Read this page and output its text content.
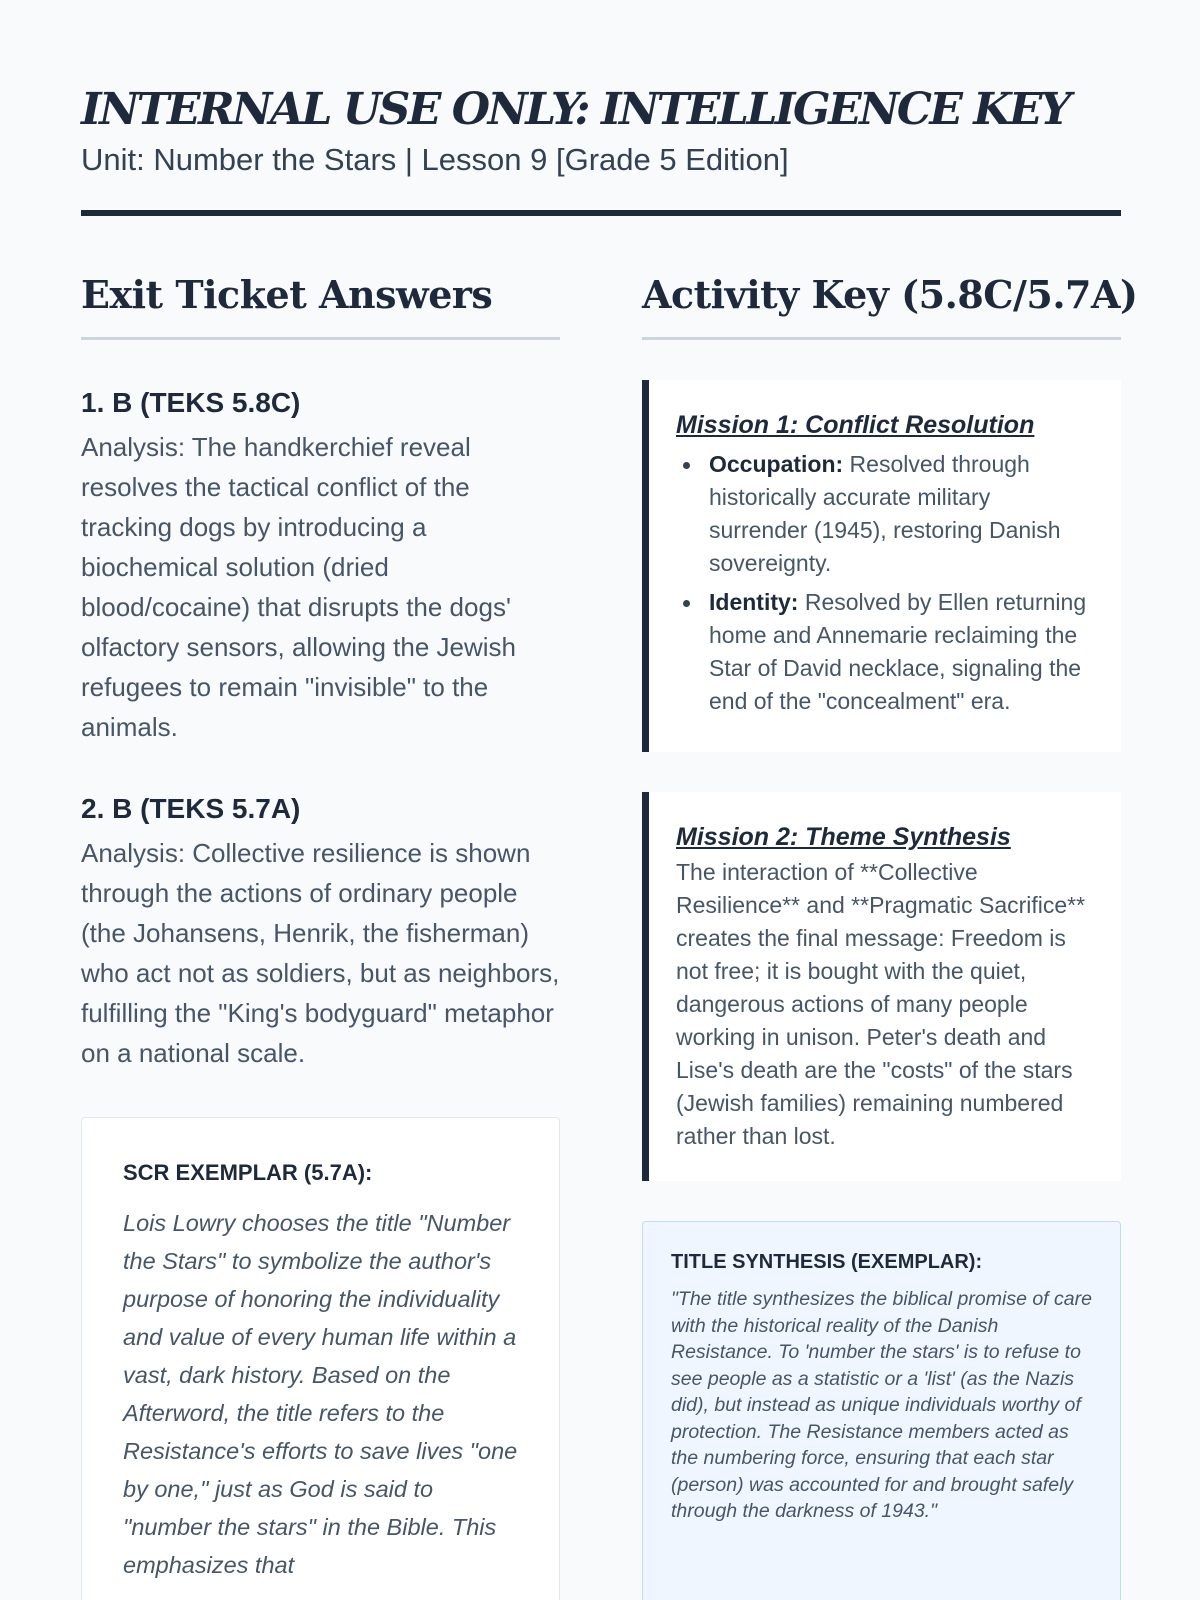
INTERNAL USE ONLY: INTELLIGENCE KEY
Unit: Number the Stars | Lesson 9 [Grade 5 Edition]
Exit Ticket Answers
1. B (TEKS 5.8C)

Analysis: The handkerchief reveal resolves the tactical conflict of the tracking dogs by introducing a biochemical solution (dried blood/cocaine) that disrupts the dogs' olfactory sensors, allowing the Jewish refugees to remain "invisible" to the animals.

2. B (TEKS 5.7A)

Analysis: Collective resilience is shown through the actions of ordinary people (the Johansens, Henrik, the fisherman) who act not as soldiers, but as neighbors, fulfilling the "King's bodyguard" metaphor on a national scale.

SCR EXEMPLAR (5.7A):

Lois Lowry chooses the title "Number the Stars" to symbolize the author's purpose of honoring the individuality and value of every human life within a vast, dark history. Based on the Afterword, the title refers to the Resistance's efforts to save lives "one by one," just as God is said to "number the stars" in the Bible. This emphasizes that

Activity Key (5.8C/5.7A)
Mission 1: Conflict Resolution
Occupation: Resolved through historically accurate military surrender (1945), restoring Danish sovereignty.
Identity: Resolved by Ellen returning home and Annemarie reclaiming the Star of David necklace, signaling the end of the "concealment" era.
Mission 2: Theme Synthesis

The interaction of **Collective Resilience** and **Pragmatic Sacrifice** creates the final message: Freedom is not free; it is bought with the quiet, dangerous actions of many people working in unison. Peter's death and Lise's death are the "costs" of the stars (Jewish families) remaining numbered rather than lost.

TITLE SYNTHESIS (EXEMPLAR):

"The title synthesizes the biblical promise of care with the historical reality of the Danish Resistance. To 'number the stars' is to refuse to see people as a statistic or a 'list' (as the Nazis did), but instead as unique individuals worthy of protection. The Resistance members acted as the numbering force, ensuring that each star (person) was accounted for and brought safely through the darkness of 1943."
